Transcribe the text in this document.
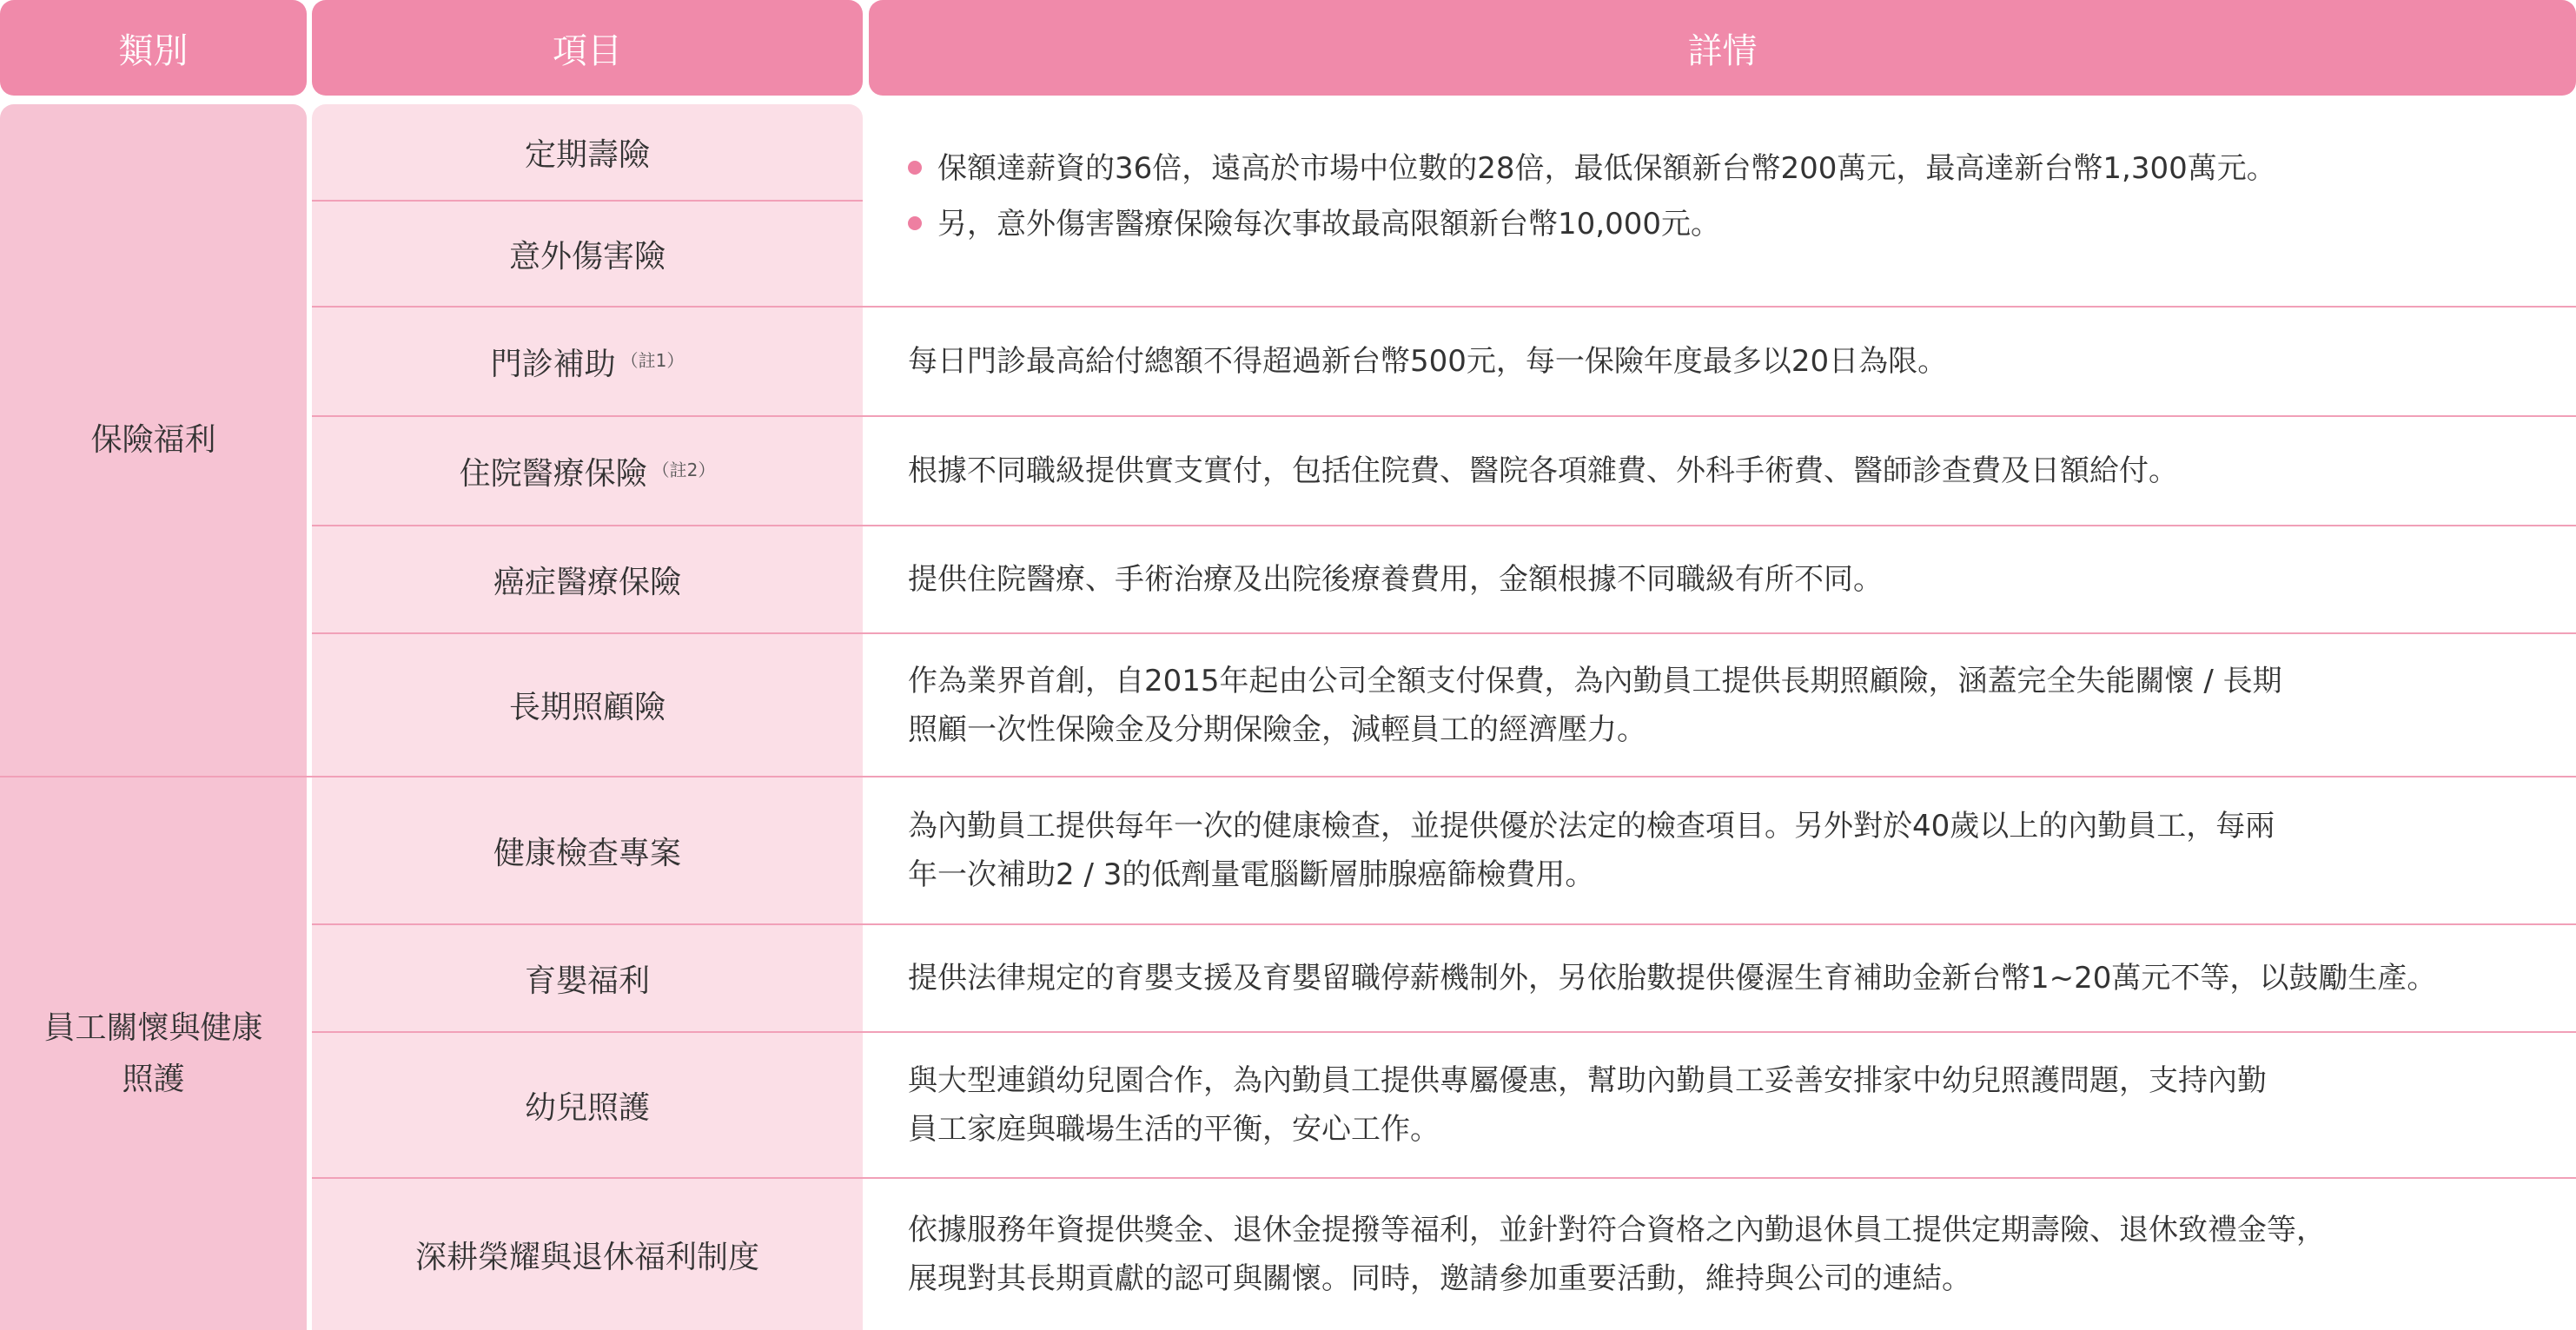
類別	項目	詳情
保險福利
員工關懷與健康
照護
定期壽險
意外傷害險
門診補助 （註1）
住院醫療保險 （註2）
癌症醫療保險
長期照顧險
健康檢查專案
育嬰福利
幼兒照護
深耕榮耀與退休福利制度
保額達薪資的36倍，遠高於市場中位數的28倍，最低保額新台幣200萬元，最高達新台幣1,300萬元。
另，意外傷害醫療保險每次事故最高限額新台幣10,000元。

每日門診最高給付總額不得超過新台幣500元，每一保險年度最多以20日為限。

根據不同職級提供實支實付，包括住院費、醫院各項雜費、外科手術費、醫師診查費及日額給付。

提供住院醫療、手術治療及出院後療養費用，金額根據不同職級有所不同。

作為業界首創，自2015年起由公司全額支付保費，為內勤員工提供長期照顧險，涵蓋完全失能關懷 / 長期

照顧一次性保險金及分期保險金，減輕員工的經濟壓力。

為內勤員工提供每年一次的健康檢查，並提供優於法定的檢查項目。另外對於40歲以上的內勤員工，每兩

年一次補助2 / 3的低劑量電腦斷層肺腺癌篩檢費用。

提供法律規定的育嬰支援及育嬰留職停薪機制外，另依胎數提供優渥生育補助金新台幣1~20萬元不等，以鼓勵生產。

與大型連鎖幼兒園合作，為內勤員工提供專屬優惠，幫助內勤員工妥善安排家中幼兒照護問題，支持內勤

員工家庭與職場生活的平衡，安心工作。

依據服務年資提供獎金、退休金提撥等福利，並針對符合資格之內勤退休員工提供定期壽險、退休致禮金等，

展現對其長期貢獻的認可與關懷。同時，邀請參加重要活動，維持與公司的連結。
